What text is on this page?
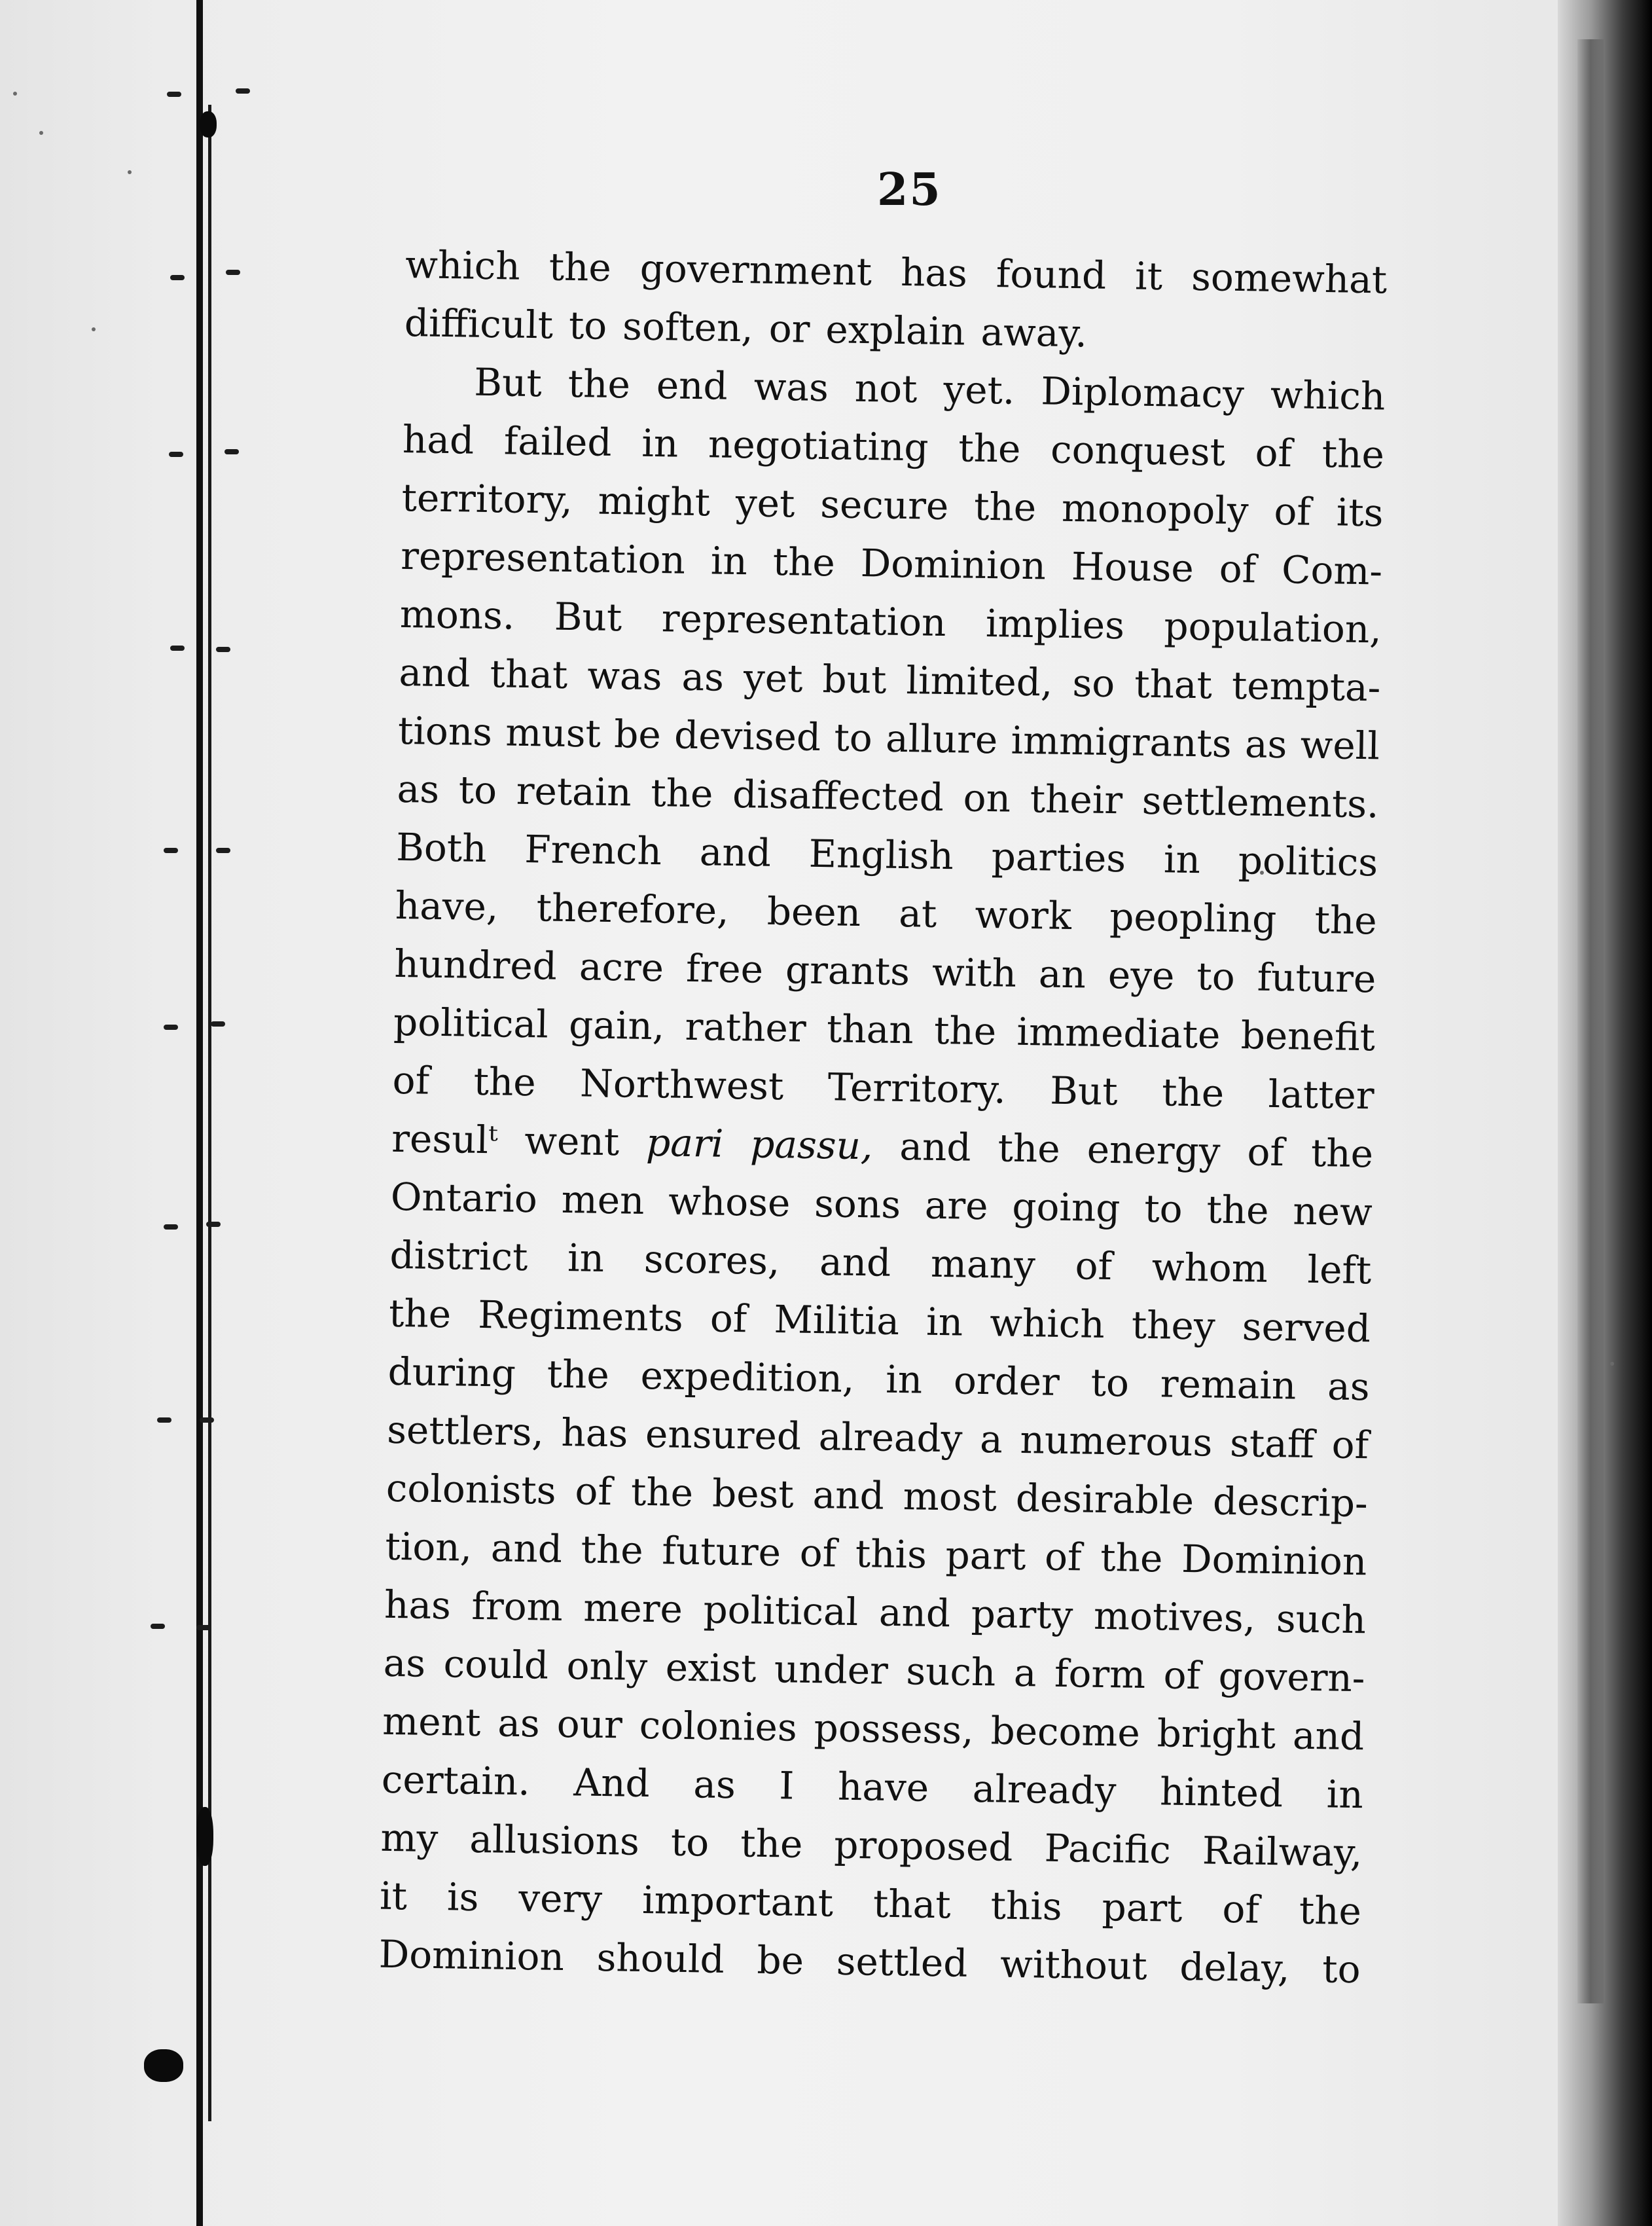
25
which the government has found it somewhat
difficult to soften, or explain away.
But the end was not yet. Diplomacy which
had failed in negotiating the conquest of the
territory, might yet secure the monopoly of its
representation in the Dominion House of Com-
mons. But representation implies population,
and that was as yet but limited, so that tempta-
tions must be devised to allure immigrants as well
as to retain the disaffected on their settlements.
Both French and English parties in politics
have, therefore, been at work peopling the
hundred acre free grants with an eye to future
political gain, rather than the immediate benefit
of the Northwest Territory. But the latter
resulᵗ went pari passu, and the energy of the
Ontario men whose sons are going to the new
district in scores, and many of whom left
the Regiments of Militia in which they served
during the expedition, in order to remain as
settlers, has ensured already a numerous staff of
colonists of the best and most desirable descrip-
tion, and the future of this part of the Dominion
has from mere political and party motives, such
as could only exist under such a form of govern-
ment as our colonies possess, become bright and
certain. And as I have already hinted in
my allusions to the proposed Pacific Railway,
it is very important that this part of the
Dominion should be settled without delay, to
